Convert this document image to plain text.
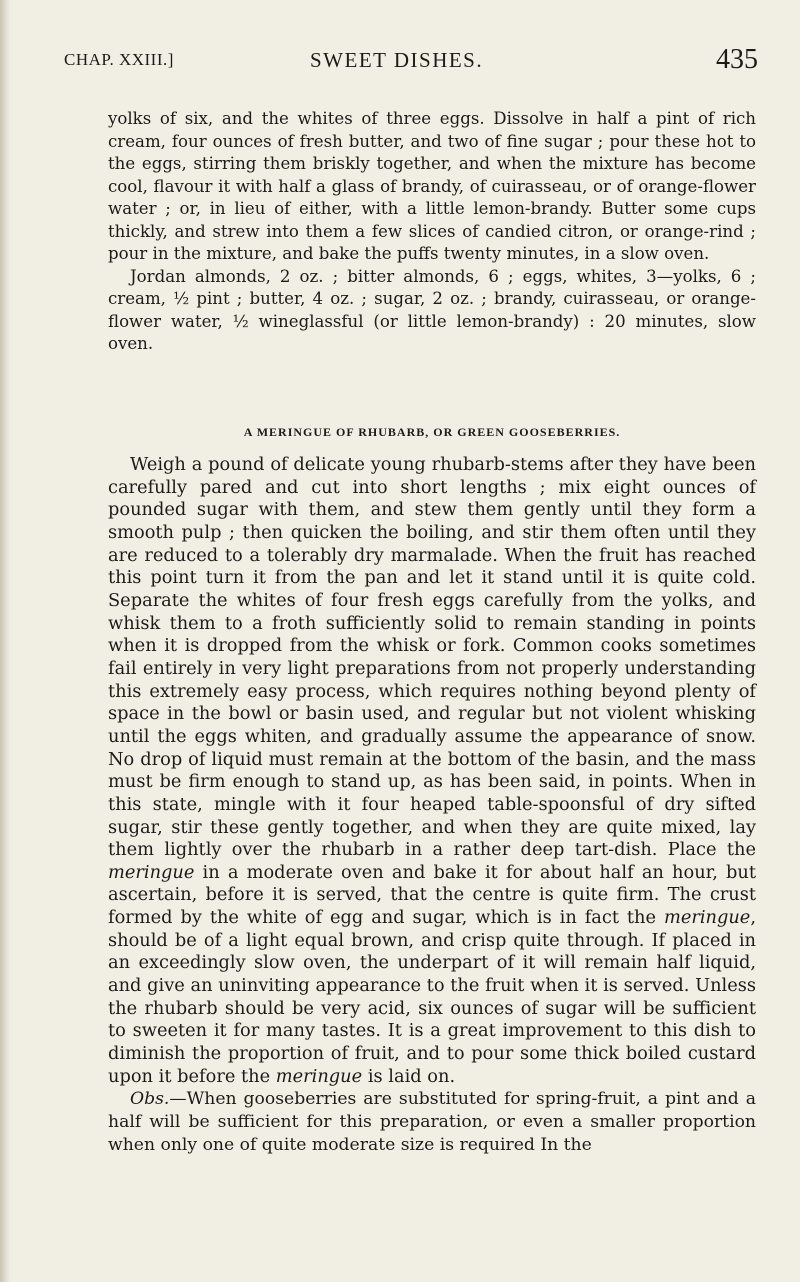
CHAP. XXIII.]	SWEET DISHES.	435

yolks of six, and the whites of three eggs. Dissolve in half a pint of rich cream, four ounces of fresh butter, and two of fine sugar ; pour these hot to the eggs, stirring them briskly together, and when the mixture has become cool, flavour it with half a glass of brandy, of cuirasseau, or of orange-flower water ; or, in lieu of either, with a little lemon-brandy. Butter some cups thickly, and strew into them a few slices of candied citron, or orange-rind ; pour in the mixture, and bake the puffs twenty minutes, in a slow oven.

Jordan almonds, 2 oz. ; bitter almonds, 6 ; eggs, whites, 3—yolks, 6 ; cream, ½ pint ; butter, 4 oz. ; sugar, 2 oz. ; brandy, cuirasseau, or orange-flower water, ½ wineglassful (or little lemon-brandy) : 20 minutes, slow oven.

A MERINGUE OF RHUBARB, OR GREEN GOOSEBERRIES.

Weigh a pound of delicate young rhubarb-stems after they have been carefully pared and cut into short lengths ; mix eight ounces of pounded sugar with them, and stew them gently until they form a smooth pulp ; then quicken the boiling, and stir them often until they are reduced to a tolerably dry marmalade. When the fruit has reached this point turn it from the pan and let it stand until it is quite cold. Separate the whites of four fresh eggs carefully from the yolks, and whisk them to a froth sufficiently solid to remain standing in points when it is dropped from the whisk or fork. Common cooks sometimes fail entirely in very light preparations from not properly understanding this extremely easy process, which requires nothing beyond plenty of space in the bowl or basin used, and regular but not violent whisking until the eggs whiten, and gradually assume the appearance of snow. No drop of liquid must remain at the bottom of the basin, and the mass must be firm enough to stand up, as has been said, in points. When in this state, mingle with it four heaped table-spoonsful of dry sifted sugar, stir these gently together, and when they are quite mixed, lay them lightly over the rhubarb in a rather deep tart-dish. Place the meringue in a moderate oven and bake it for about half an hour, but ascertain, before it is served, that the centre is quite firm. The crust formed by the white of egg and sugar, which is in fact the meringue, should be of a light equal brown, and crisp quite through. If placed in an exceedingly slow oven, the underpart of it will remain half liquid, and give an uninviting appearance to the fruit when it is served. Unless the rhubarb should be very acid, six ounces of sugar will be sufficient to sweeten it for many tastes. It is a great improvement to this dish to diminish the proportion of fruit, and to pour some thick boiled custard upon it before the meringue is laid on.

Obs.—When gooseberries are substituted for spring-fruit, a pint and a half will be sufficient for this preparation, or even a smaller proportion when only one of quite moderate size is required In the
